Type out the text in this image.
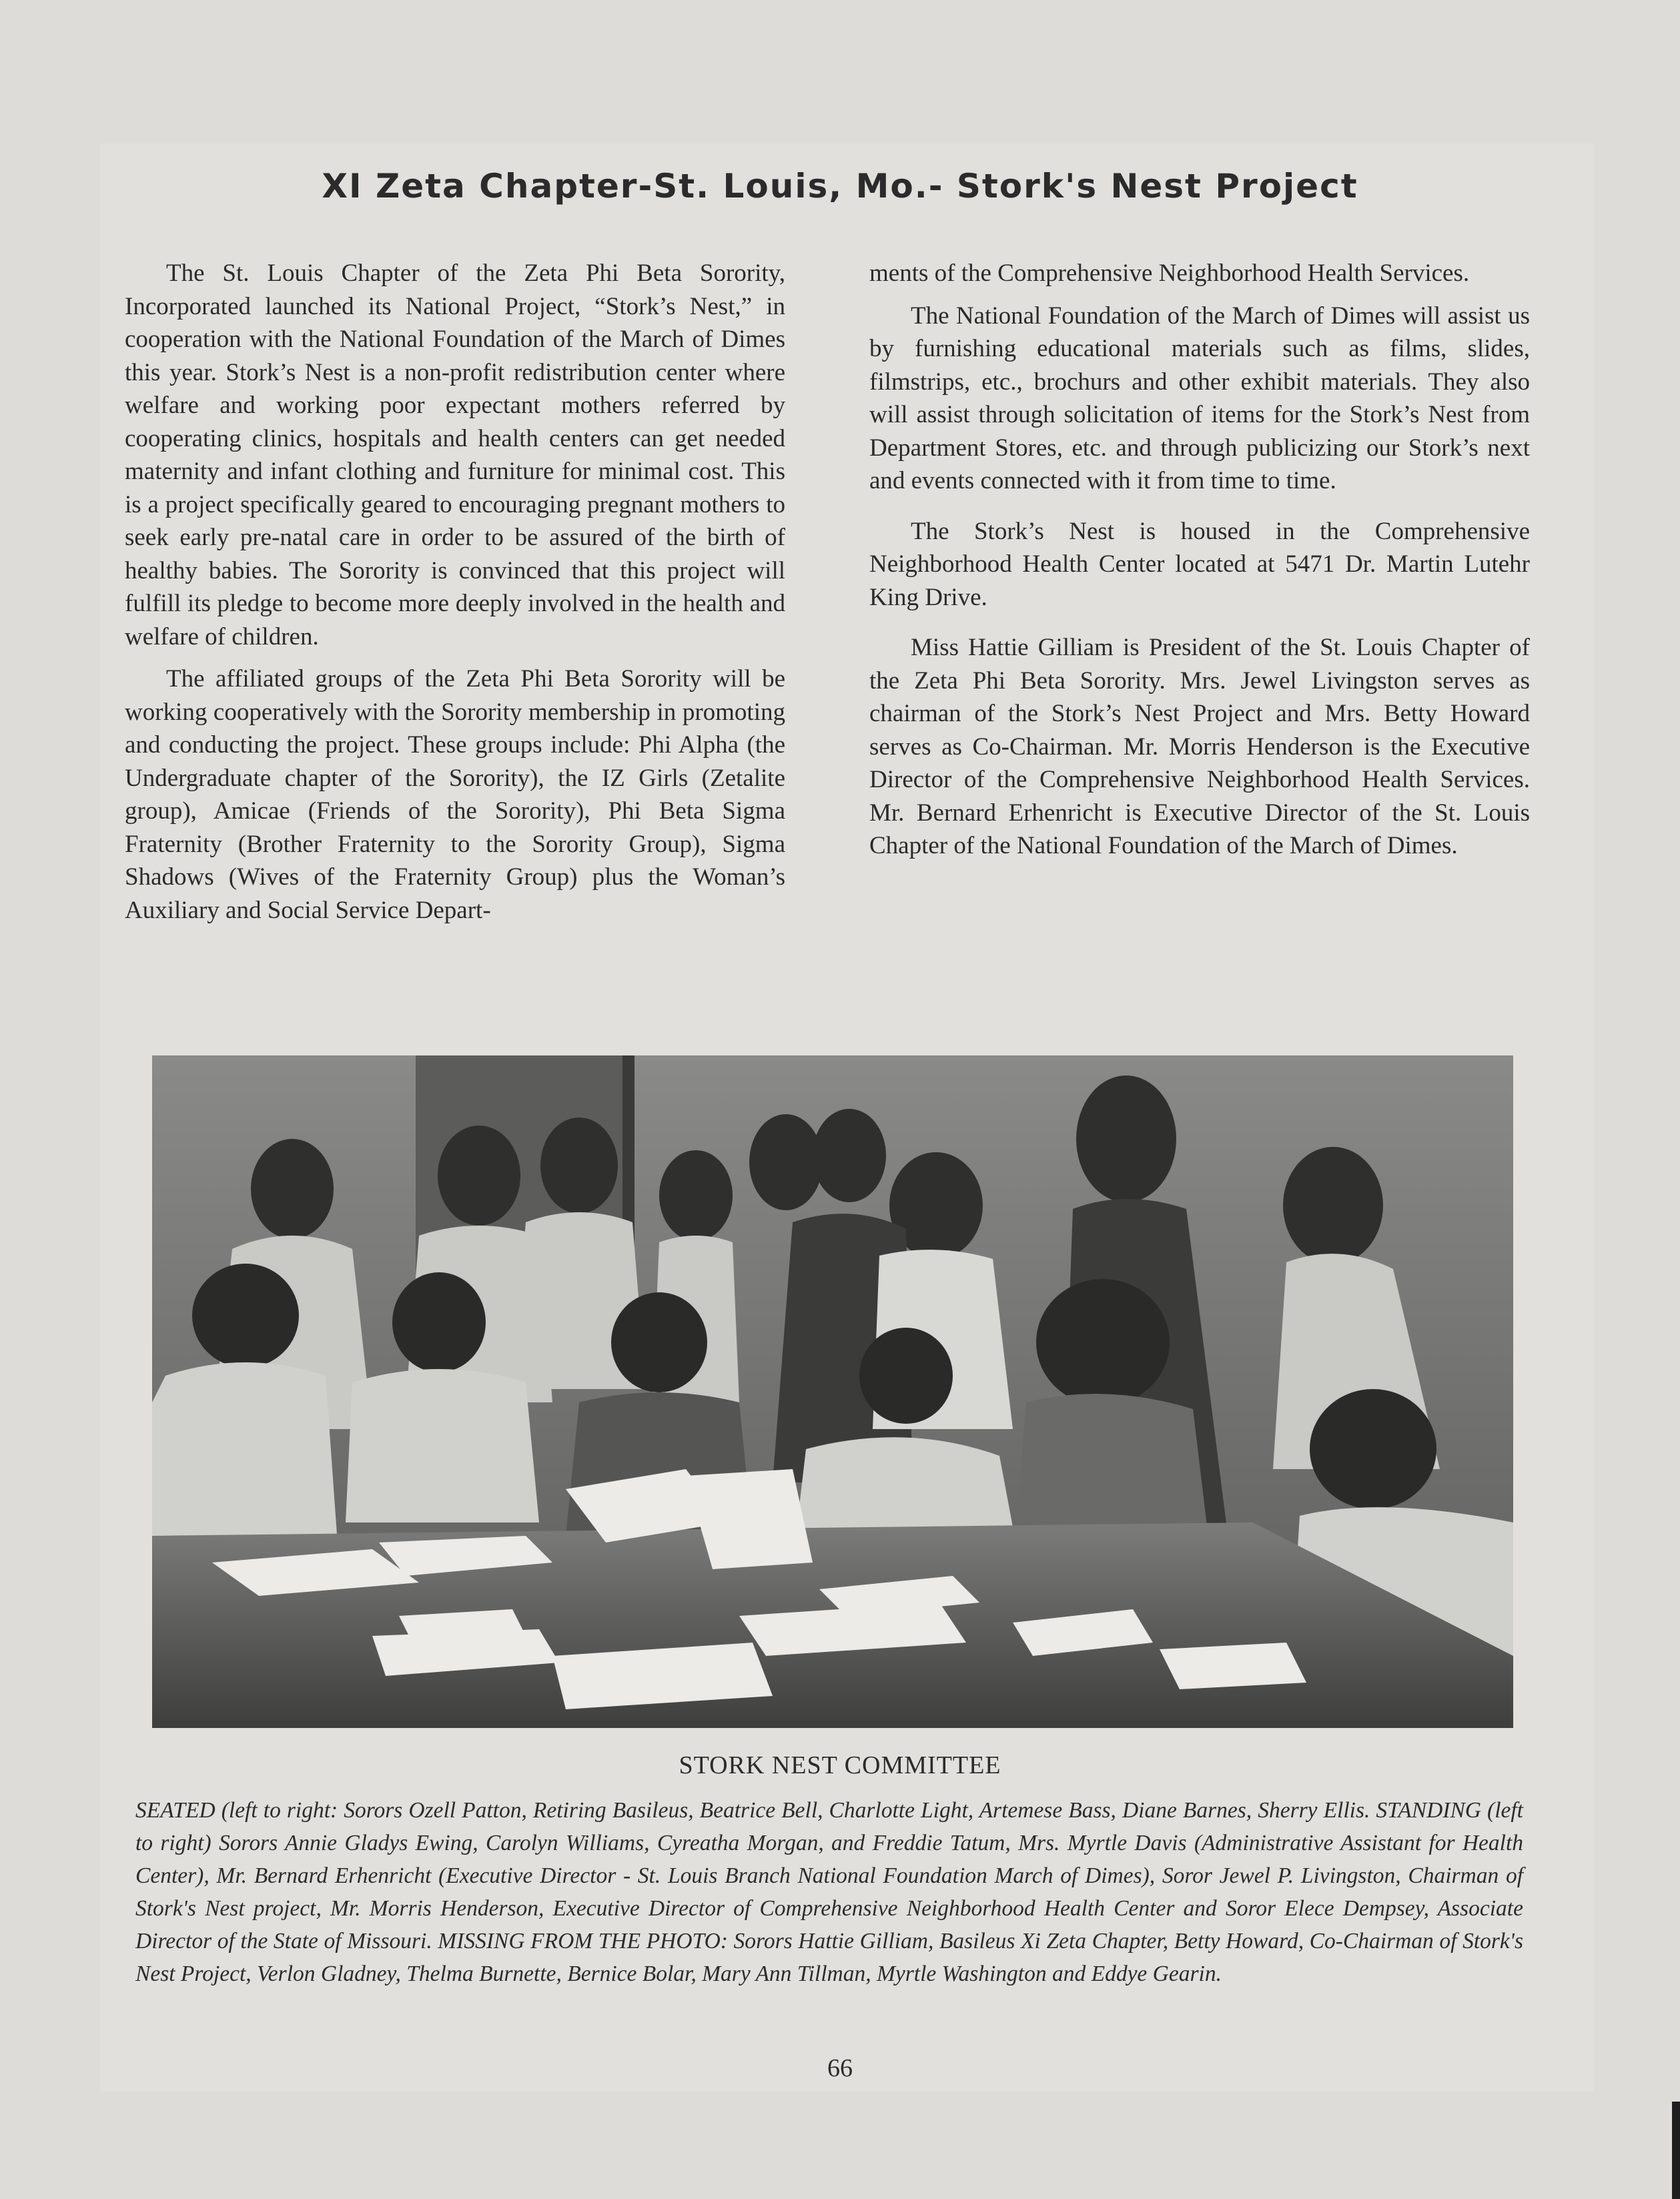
XI Zeta Chapter-St. Louis, Mo.- Stork's Nest Project

The St. Louis Chapter of the Zeta Phi Beta Sorority, Incorporated launched its National Project, “Stork’s Nest,” in cooperation with the National Foundation of the March of Dimes this year. Stork’s Nest is a non-profit redistribution center where welfare and working poor expectant mothers referred by cooperating clinics, hospitals and health centers can get needed maternity and infant clothing and furniture for minimal cost. This is a project specifically geared to encouraging pregnant mothers to seek early pre-natal care in order to be assured of the birth of healthy babies. The Sorority is convinced that this project will fulfill its pledge to become more deeply involved in the health and welfare of children.

The affiliated groups of the Zeta Phi Beta Sorority will be working cooperatively with the Sorority membership in promoting and conducting the project. These groups include: Phi Alpha (the Undergraduate chapter of the Sorority), the IZ Girls (Zetalite group), Amicae (Friends of the Sorority), Phi Beta Sigma Fraternity (Brother Fraternity to the Sorority Group), Sigma Shadows (Wives of the Fraternity Group) plus the Woman’s Auxiliary and Social Service Depart-

ments of the Comprehensive Neighborhood Health Services.

The National Foundation of the March of Dimes will assist us by furnishing educational materials such as films, slides, filmstrips, etc., brochurs and other exhibit materials. They also will assist through solicitation of items for the Stork’s Nest from Department Stores, etc. and through publicizing our Stork’s next and events connected with it from time to time.

The Stork’s Nest is housed in the Comprehensive Neighborhood Health Center located at 5471 Dr. Martin Lutehr King Drive.

Miss Hattie Gilliam is President of the St. Louis Chapter of the Zeta Phi Beta Sorority. Mrs. Jewel Livingston serves as chairman of the Stork’s Nest Project and Mrs. Betty Howard serves as Co-Chairman. Mr. Morris Henderson is the Executive Director of the Comprehensive Neighborhood Health Services. Mr. Bernard Erhenricht is Executive Director of the St. Louis Chapter of the National Foundation of the March of Dimes.

STORK NEST COMMITTEE
SEATED (left to right: Sorors Ozell Patton, Retiring Basileus, Beatrice Bell, Charlotte Light, Artemese Bass, Diane Barnes, Sherry Ellis. STANDING (left to right) Sorors Annie Gladys Ewing, Carolyn Williams, Cyreatha Morgan, and Freddie Tatum, Mrs. Myrtle Davis (Administrative Assistant for Health Center), Mr. Bernard Erhenricht (Executive Director - St. Louis Branch National Foundation March of Dimes), Soror Jewel P. Livingston, Chairman of Stork's Nest project, Mr. Morris Henderson, Executive Director of Comprehensive Neighborhood Health Center and Soror Elece Dempsey, Associate Director of the State of Missouri. MISSING FROM THE PHOTO: Sorors Hattie Gilliam, Basileus Xi Zeta Chapter, Betty Howard, Co-Chairman of Stork's Nest Project, Verlon Gladney, Thelma Burnette, Bernice Bolar, Mary Ann Tillman, Myrtle Washington and Eddye Gearin.
66
